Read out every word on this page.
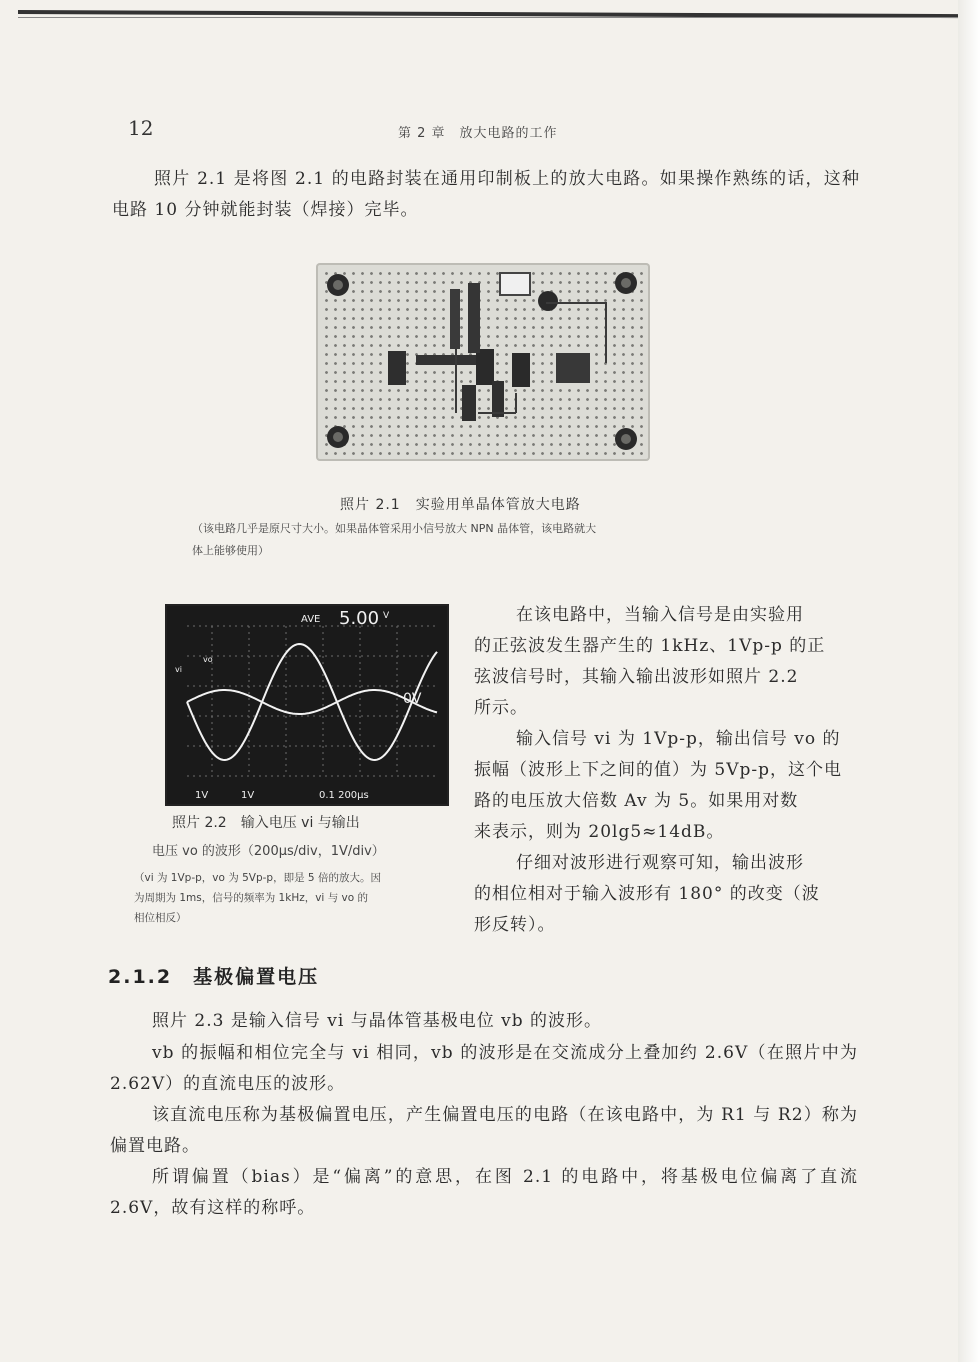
12	第 2 章　放大电路的工作

照片 2.1 是将图 2.1 的电路封装在通用印制板上的放大电路。如果操作熟练的话，这种电路 10 分钟就能封装（焊接）完毕。

照片 2.1　实验用单晶体管放大电路

（该电路几乎是原尺寸大小。如果晶体管采用小信号放大 NPN 晶体管，该电路就大
体上能够使用）

AVE 5.00 V
0V
vi
vo
1V	1V	0.1 200μs
照片 2.2　输入电压 vi 与输出
电压 vo 的波形（200μs/div，1V/div）

（vi 为 1Vp-p，vo 为 5Vp-p，即是 5 倍的放大。因
为周期为 1ms，信号的频率为 1kHz，vi 与 vo 的
相位相反）

在该电路中，当输入信号是由实验用
的正弦波发生器产生的 1kHz、1Vp-p 的正
弦波信号时，其输入输出波形如照片 2.2
所示。
输入信号 vi 为 1Vp-p，输出信号 vo 的
振幅（波形上下之间的值）为 5Vp-p，这个电
路的电压放大倍数 Av 为 5。如果用对数
来表示，则为 20lg5≈14dB。
仔细对波形进行观察可知，输出波形
的相位相对于输入波形有 180° 的改变（波
形反转）。
2.1.2　基极偏置电压

照片 2.3 是输入信号 vi 与晶体管基极电位 vb 的波形。

vb 的振幅和相位完全与 vi 相同，vb 的波形是在交流成分上叠加约 2.6V（在照片中为 2.62V）的直流电压的波形。

该直流电压称为基极偏置电压，产生偏置电压的电路（在该电路中，为 R1 与 R2）称为偏置电路。

所谓偏置（bias）是“偏离”的意思，在图 2.1 的电路中，将基极电位偏离了直流 2.6V，故有这样的称呼。
